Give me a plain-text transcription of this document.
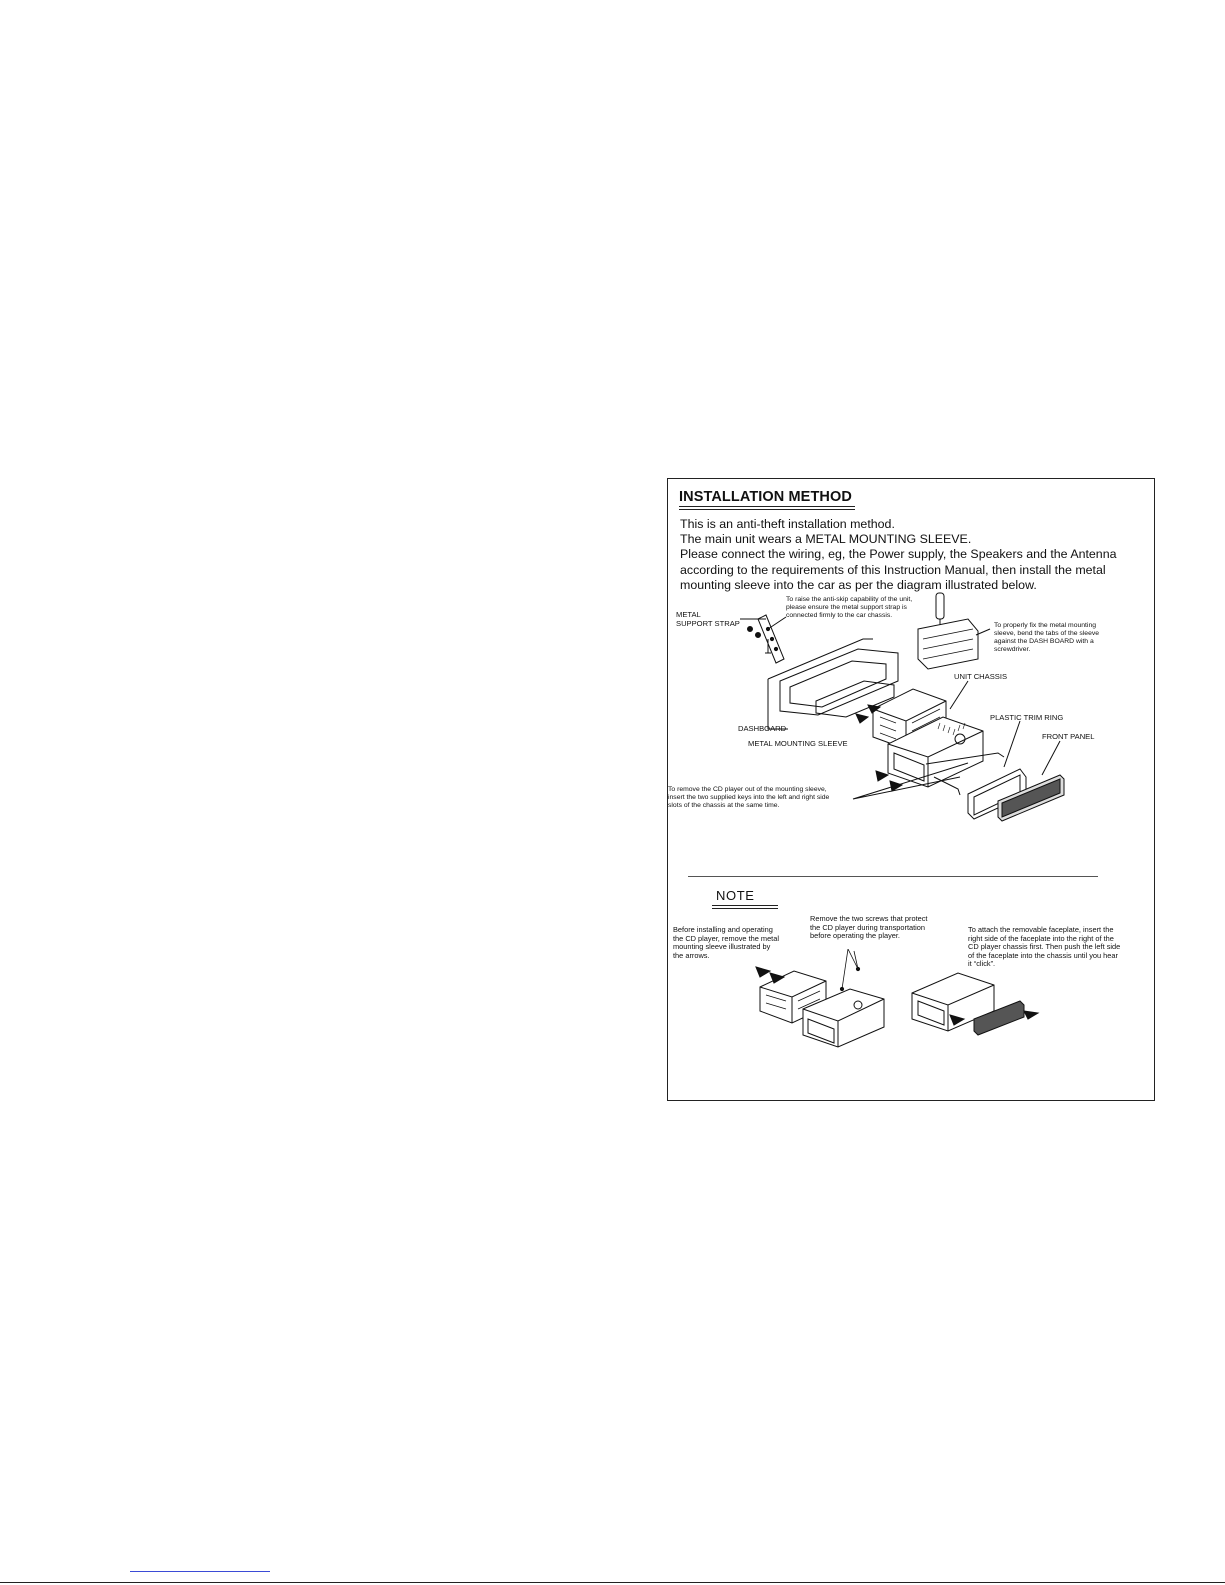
INSTALLATION METHOD

This is an anti-theft installation method.

The main unit wears a METAL MOUNTING SLEEVE.

Please connect the wiring, eg, the Power supply, the Speakers and the Antenna according to the requirements of this Instruction Manual, then install the metal mounting sleeve into the car as per the diagram illustrated below.

METAL
SUPPORT STRAP
To raise the anti-skip capability of the unit,
please ensure the metal support strap is
connected firmly to the car chassis.
To properly fix the metal mounting
sleeve, bend the tabs of the sleeve
against the DASH BOARD with a
screwdriver.
UNIT CHASSIS
DASHBOARD
PLASTIC TRIM RING
METAL MOUNTING SLEEVE
FRONT PANEL
To remove the CD player out of the mounting sleeve,
insert the two supplied keys into the left and right side
slots of the chassis at the same time.
NOTE
Before installing and operating
the CD player, remove the metal
mounting sleeve illustrated by
the arrows.
Remove the two screws that protect
the CD player during transportation
before operating the player.
To attach the removable faceplate, insert the
right side of the faceplate into the right of the
CD player chassis first. Then push the left side
of the faceplate into the chassis until you hear
it “click”.
